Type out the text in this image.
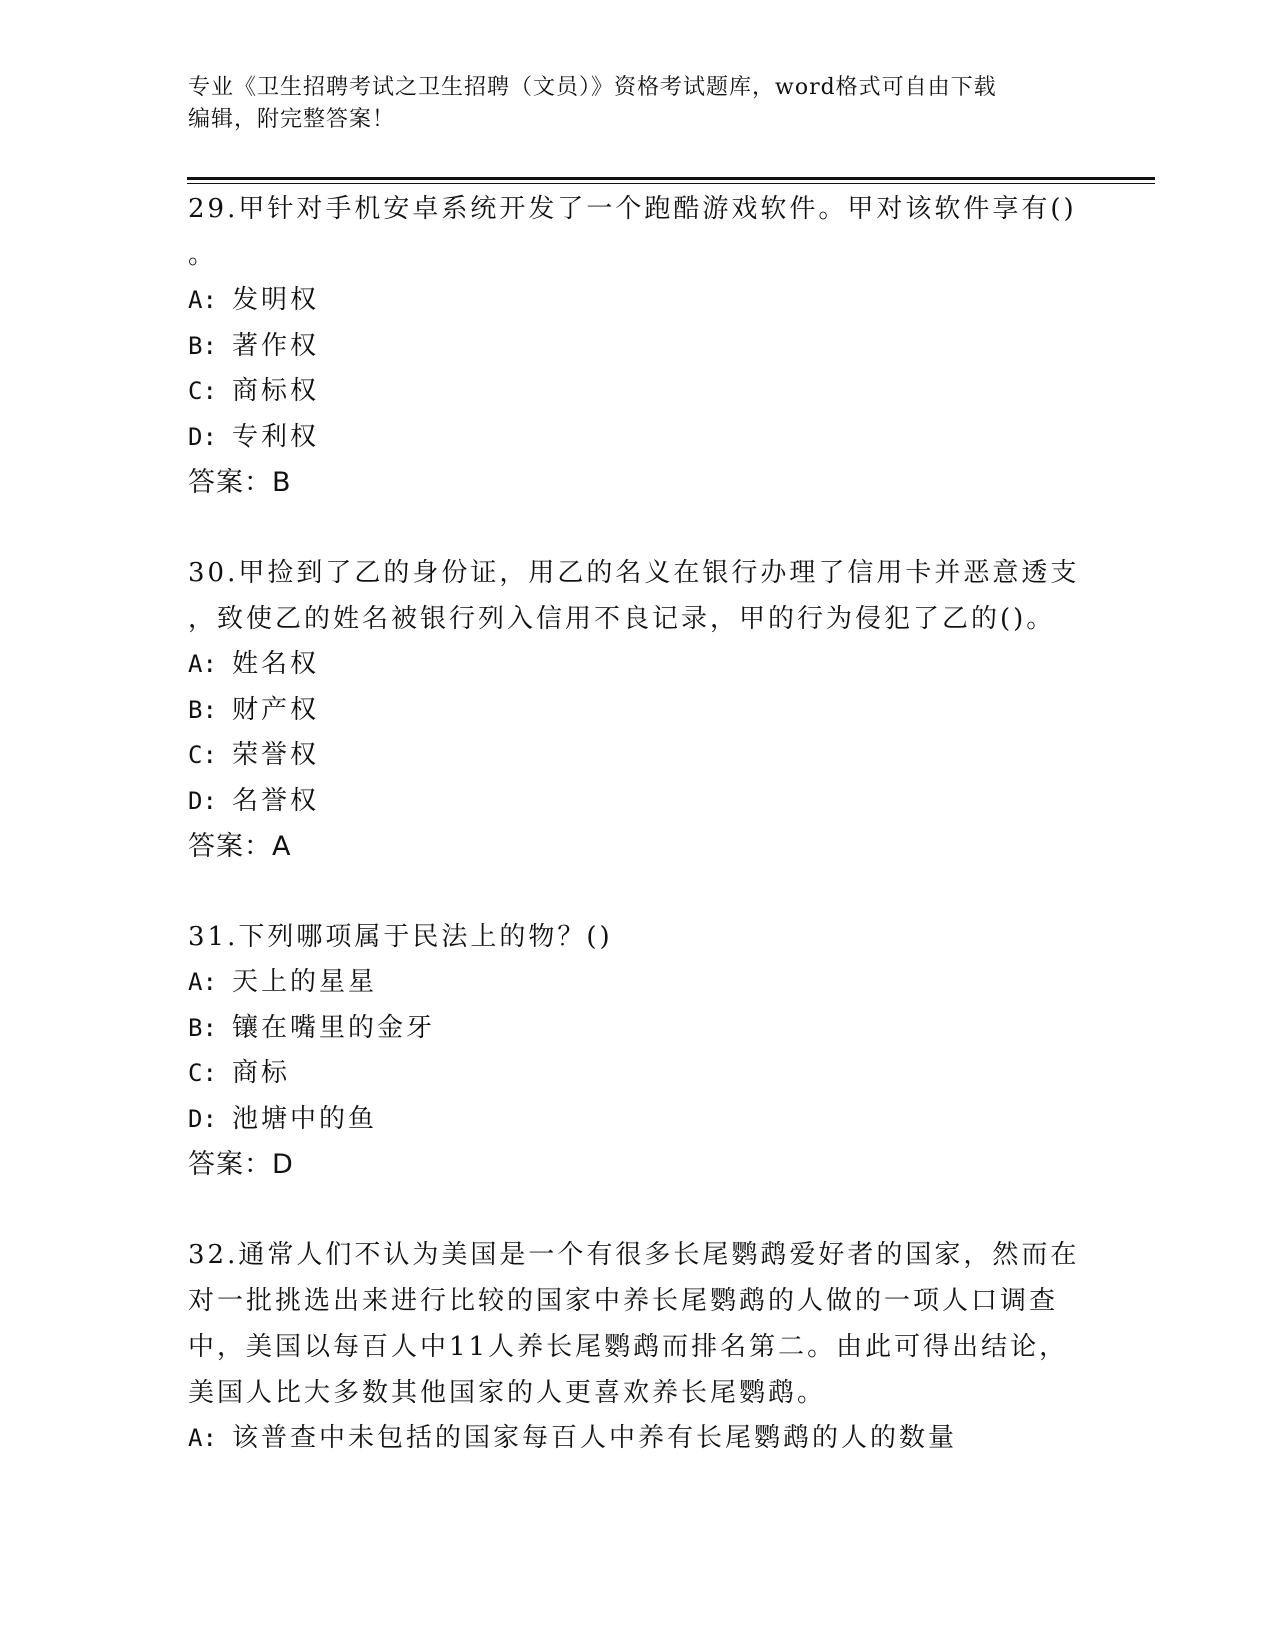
专业《卫生招聘考试之卫生招聘（文员）》资格考试题库，word格式可自由下载
编辑，附完整答案！
29.甲针对手机安卓系统开发了一个跑酷游戏软件。甲对该软件享有()
。
A: 发明权
B: 著作权
C: 商标权
D: 专利权
答案：B
30.甲捡到了乙的身份证，用乙的名义在银行办理了信用卡并恶意透支
，致使乙的姓名被银行列入信用不良记录，甲的行为侵犯了乙的()。
A: 姓名权
B: 财产权
C: 荣誉权
D: 名誉权
答案：A
31.下列哪项属于民法上的物？()
A: 天上的星星
B: 镶在嘴里的金牙
C: 商标
D: 池塘中的鱼
答案：D
32.通常人们不认为美国是一个有很多长尾鹦鹉爱好者的国家，然而在
对一批挑选出来进行比较的国家中养长尾鹦鹉的人做的一项人口调查
中，美国以每百人中11人养长尾鹦鹉而排名第二。由此可得出结论，
美国人比大多数其他国家的人更喜欢养长尾鹦鹉。
A: 该普查中未包括的国家每百人中养有长尾鹦鹉的人的数量
